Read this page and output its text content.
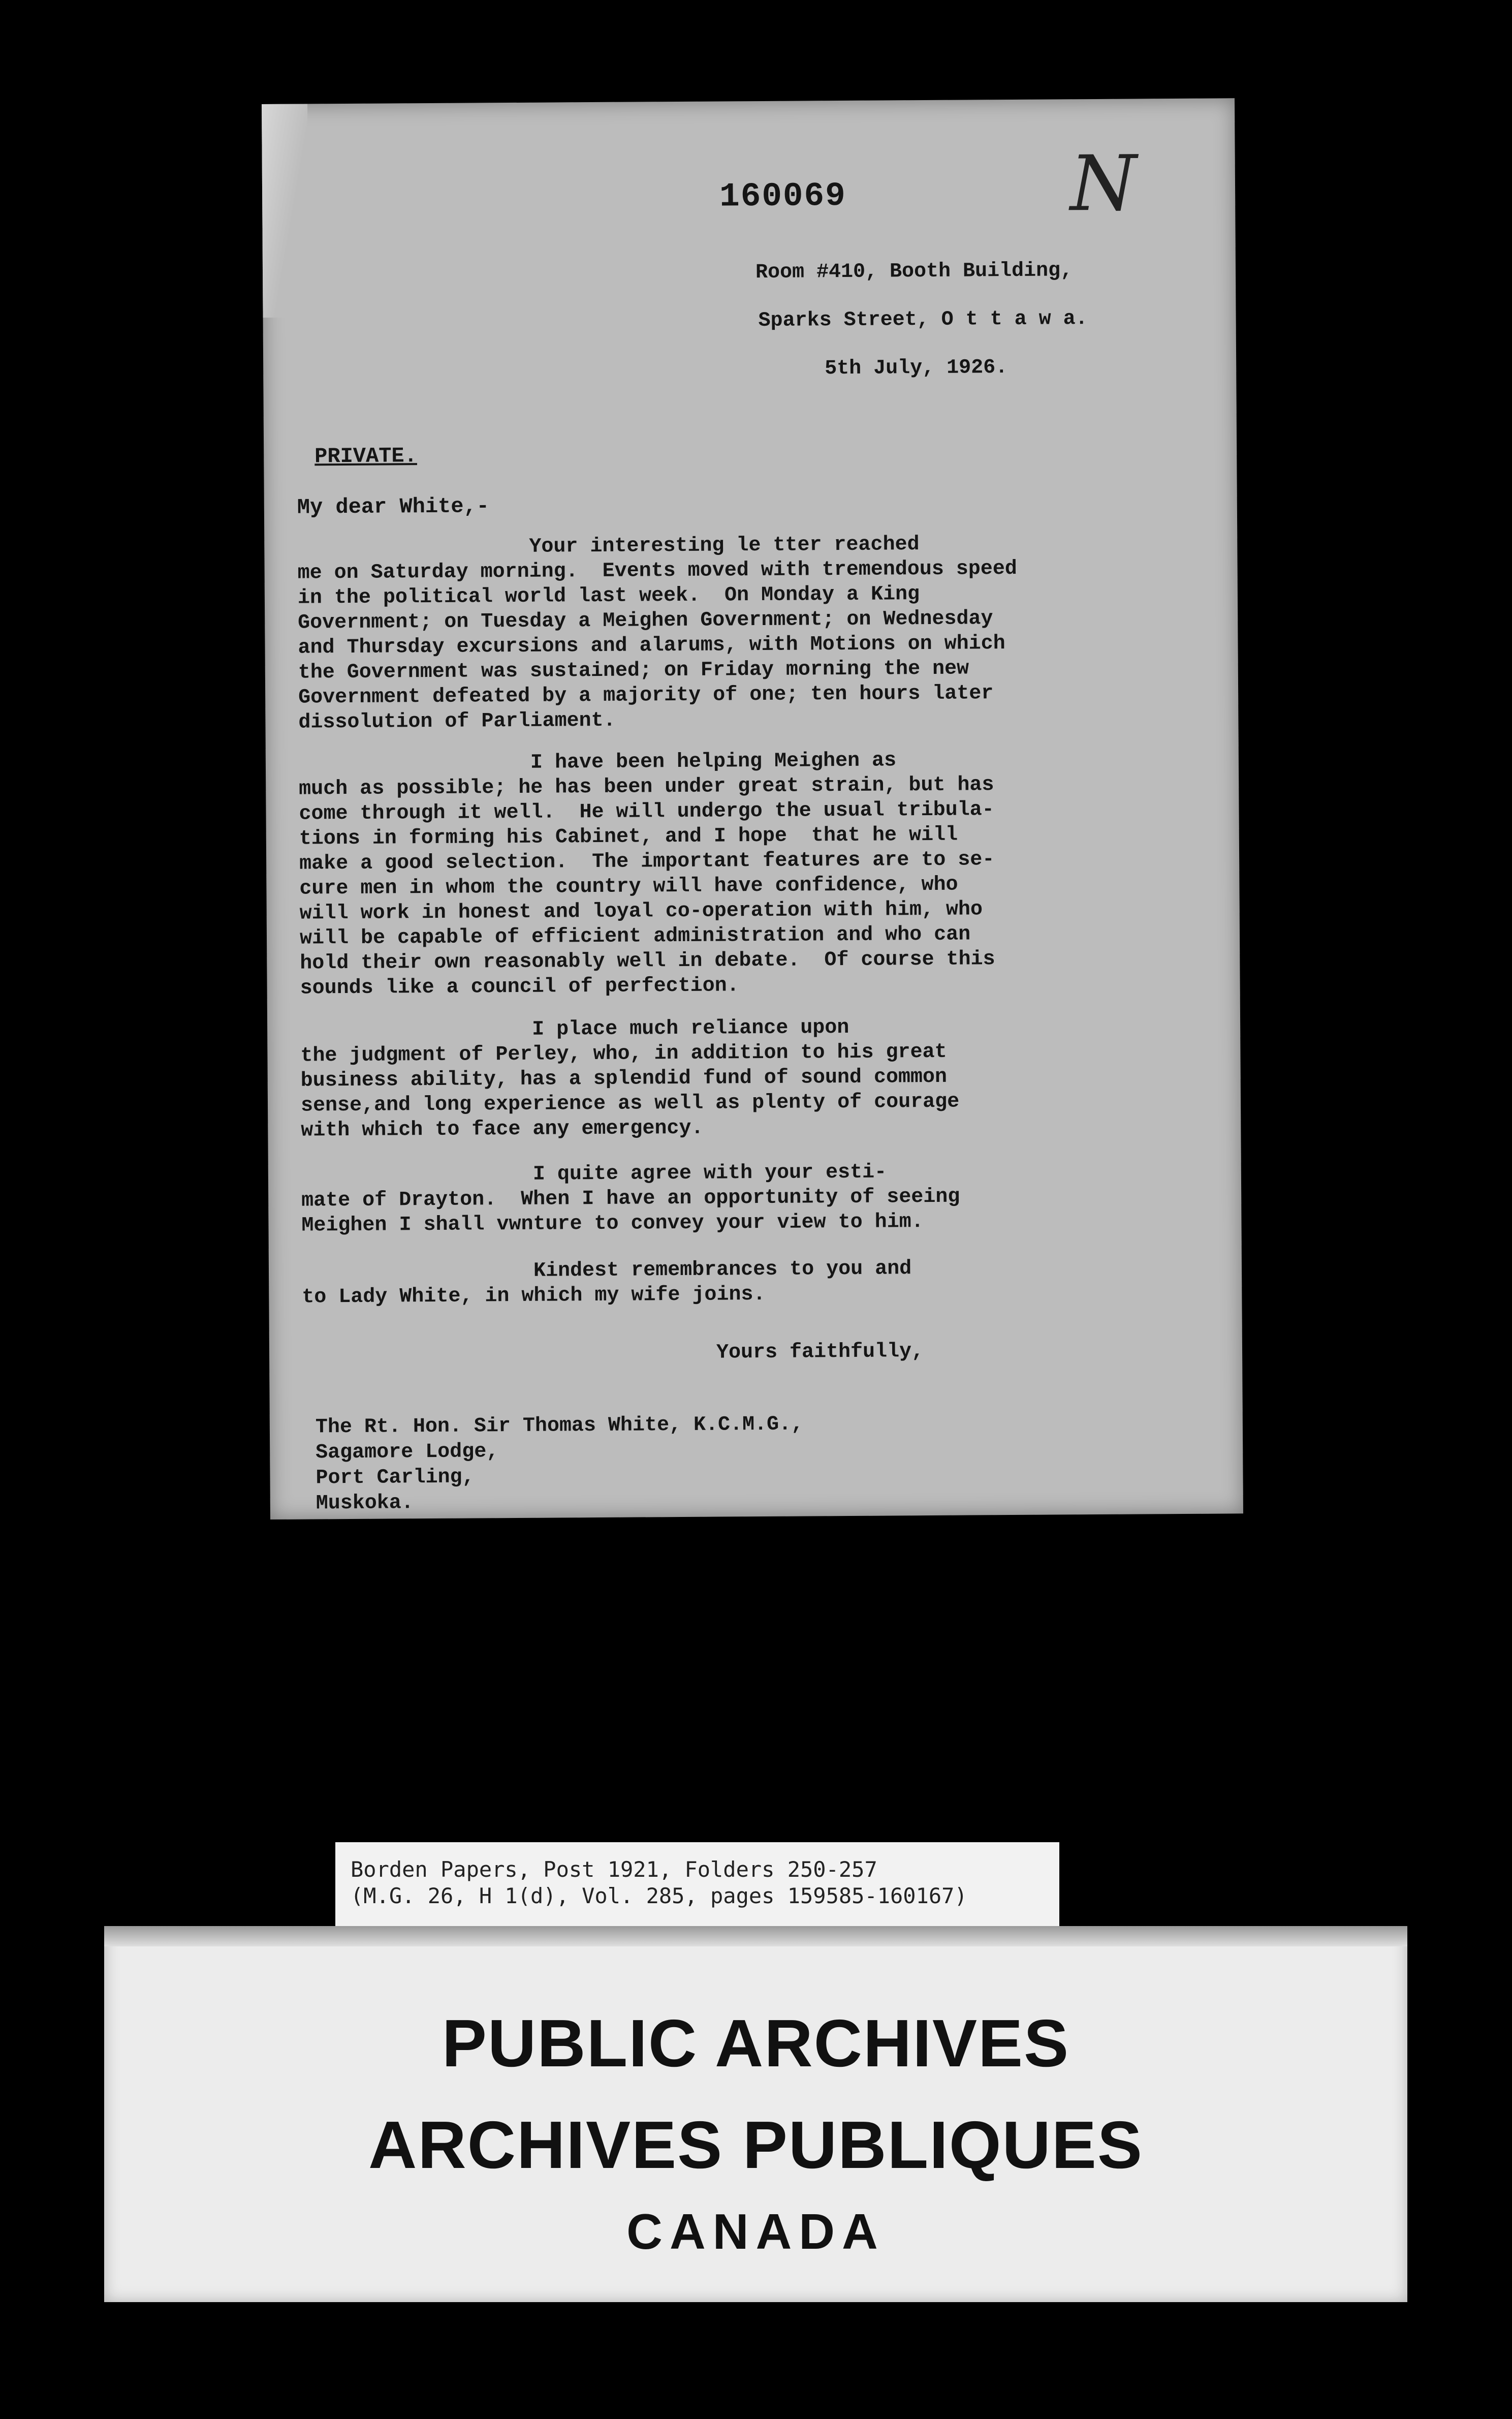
160069	N
Room #410, Booth Building,
Sparks Street, O t t a w a.
5th July, 1926.
PRIVATE.
My dear White,-
Your interesting le tter reached
me on Saturday morning.  Events moved with tremendous speed
in the political world last week.  On Monday a King
Government; on Tuesday a Meighen Government; on Wednesday
and Thursday excursions and alarums, with Motions on which
the Government was sustained; on Friday morning the new
Government defeated by a majority of one; ten hours later
dissolution of Parliament.
I have been helping Meighen as
much as possible; he has been under great strain, but has
come through it well.  He will undergo the usual tribula-
tions in forming his Cabinet, and I hope  that he will
make a good selection.  The important features are to se-
cure men in whom the country will have confidence, who
will work in honest and loyal co-operation with him, who
will be capable of efficient administration and who can
hold their own reasonably well in debate.  Of course this
sounds like a council of perfection.
I place much reliance upon
the judgment of Perley, who, in addition to his great
business ability, has a splendid fund of sound common
sense,and long experience as well as plenty of courage
with which to face any emergency.
I quite agree with your esti-
mate of Drayton.  When I have an opportunity of seeing
Meighen I shall vwnture to convey your view to him.
Kindest remembrances to you and
to Lady White, in which my wife joins.
Yours faithfully,
The Rt. Hon. Sir Thomas White, K.C.M.G.,
Sagamore Lodge,
Port Carling,
Muskoka.
Borden Papers, Post 1921, Folders 250-257
(M.G. 26, H 1(d), Vol. 285, pages 159585-160167)
PUBLIC ARCHIVES
ARCHIVES PUBLIQUES
CANADA
